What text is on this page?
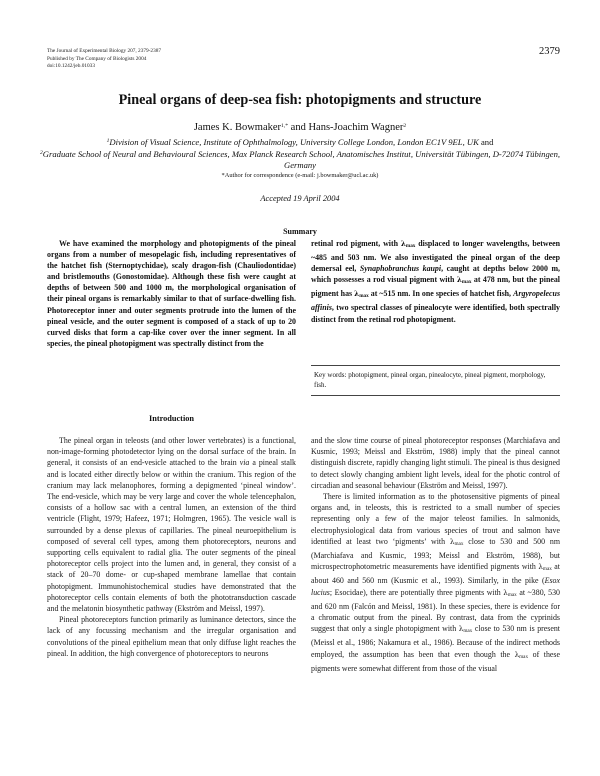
The Journal of Experimental Biology 207, 2379-2387
Published by The Company of Biologists 2004
doi:10.1242/jeb.01033
2379
Pineal organs of deep-sea fish: photopigments and structure
James K. Bowmaker$^{1,*}$ and Hans-Joachim Wagner$^2$
$^1$Division of Visual Science, Institute of Ophthalmology, University College London, London EC1V 9EL, UK and
$^2$Graduate School of Neural and Behavioural Sciences, Max Planck Research School, Anatomisches Institut, Universität Tübingen, D-72074 Tübingen, Germany
*Author for correspondence (e-mail: j.bowmaker@ucl.ac.uk)
Accepted 19 April 2004
Summary

We have examined the morphology and photopigments of the pineal organs from a number of mesopelagic fish, including representatives of the hatchet fish (Sternoptychidae), scaly dragon-fish (Chauliodontidae) and bristlemouths (Gonostomidae). Although these fish were caught at depths of between 500 and 1000 m, the morphological organisation of their pineal organs is remarkably similar to that of surface-dwelling fish. Photoreceptor inner and outer segments protrude into the lumen of the pineal vesicle, and the outer segment is composed of a stack of up to 20 curved disks that form a cap-like cover over the inner segment. In all species, the pineal photopigment was spectrally distinct from the

retinal rod pigment, with $\lambda_{max}$ displaced to longer wavelengths, between ~485 and 503 nm. We also investigated the pineal organ of the deep demersal eel, Synaphobranchus kaupi, caught at depths below 2000 m, which possesses a rod visual pigment with $\lambda_{max}$ at 478 nm, but the pineal pigment has $\lambda_{max}$ at ~515 nm. In one species of hatchet fish, Argyropelecus affinis, two spectral classes of pinealocyte were identified, both spectrally distinct from the retinal rod photopigment.

Key words: photopigment, pineal organ, pinealocyte, pineal pigment, morphology, fish.
Introduction

The pineal organ in teleosts (and other lower vertebrates) is a functional, non-image-forming photodetector lying on the dorsal surface of the brain. In general, it consists of an end-vesicle attached to the brain via a pineal stalk and is located either directly below or within the cranium. This region of the cranium may lack melanophores, forming a depigmented ‘pineal window’. The end-vesicle, which may be very large and cover the whole telencephalon, consists of a hollow sac with a central lumen, an extension of the third ventricle (Flight, 1979; Hafeez, 1971; Holmgren, 1965). The vesicle wall is surrounded by a dense plexus of capillaries. The pineal neuroepithelium is composed of several cell types, among them photoreceptors, neurons and supporting cells equivalent to radial glia. The outer segments of the pineal photoreceptor cells project into the lumen and, in general, they consist of a stack of 20–70 dome- or cup-shaped membrane lamellae that contain photopigment. Immunohistochemical studies have demonstrated that the photoreceptor cells contain elements of both the phototransduction cascade and the melatonin biosynthetic pathway (Ekström and Meissl, 1997).

Pineal photoreceptors function primarily as luminance detectors, since the lack of any focussing mechanism and the irregular organisation and convolutions of the pineal epithelium mean that only diffuse light reaches the pineal. In addition, the high convergence of photoreceptors to neurons

and the slow time course of pineal photoreceptor responses (Marchiafava and Kusmic, 1993; Meissl and Ekström, 1988) imply that the pineal cannot distinguish discrete, rapidly changing light stimuli. The pineal is thus designed to detect slowly changing ambient light levels, ideal for the photic control of circadian and seasonal behaviour (Ekström and Meissl, 1997).

There is limited information as to the photosensitive pigments of pineal organs and, in teleosts, this is restricted to a small number of species representing only a few of the major teleost families. In salmonids, electrophysiological data from various species of trout and salmon have identified at least two ‘pigments’ with $\lambda_{max}$ close to 530 and 500 nm (Marchiafava and Kusmic, 1993; Meissl and Ekström, 1988), but microspectrophotometric measurements have identified pigments with $\lambda_{max}$ at about 460 and 560 nm (Kusmic et al., 1993). Similarly, in the pike (Esox lucius; Esocidae), there are potentially three pigments with $\lambda_{max}$ at ~380, 530 and 620 nm (Falcón and Meissl, 1981). In these species, there is evidence for a chromatic output from the pineal. By contrast, data from the cyprinids suggest that only a single photopigment with $\lambda_{max}$ close to 530 nm is present (Meissl et al., 1986; Nakamura et al., 1986). Because of the indirect methods employed, the assumption has been that even though the $\lambda_{max}$ of these pigments were somewhat different from those of the visual
